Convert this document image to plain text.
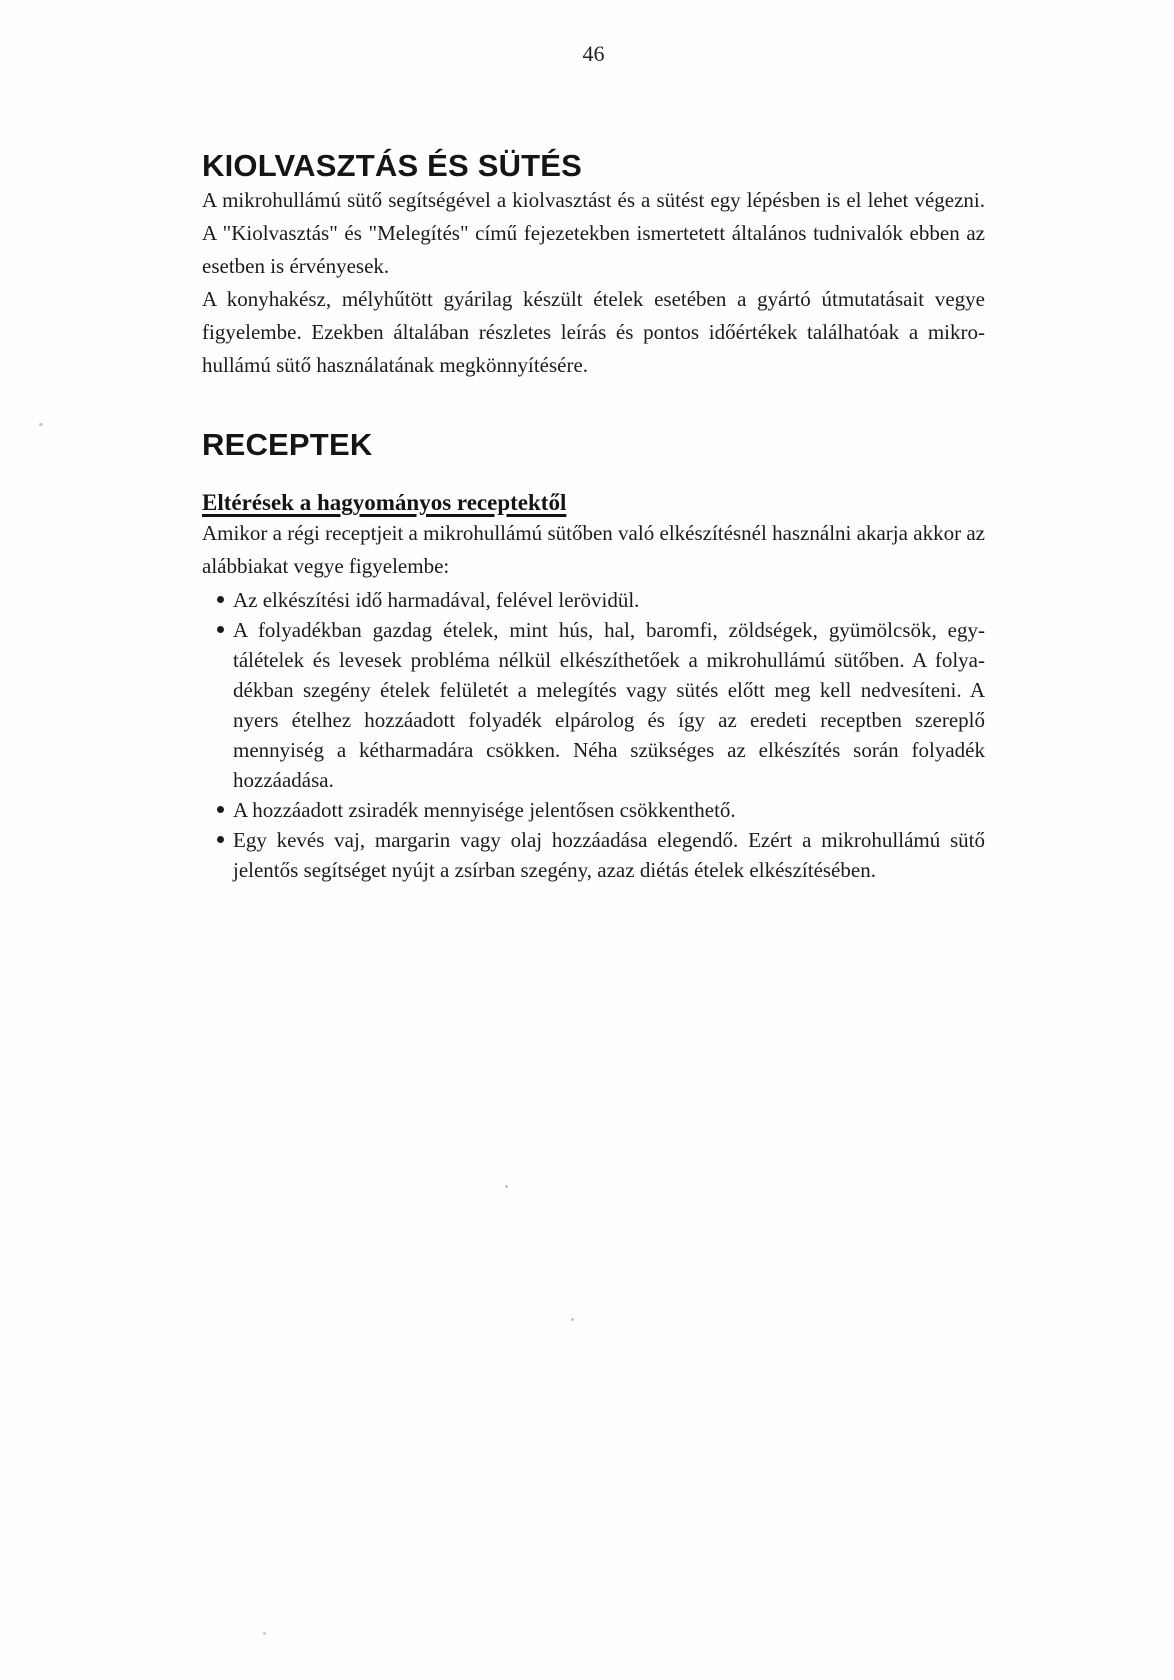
46
KIOLVASZTÁS ÉS SÜTÉS

A mikrohullámú sütő segítségével a kiolvasztást és a sütést egy lépésben is el lehet végezni. A "Kiolvasztás" és "Melegítés" című fejezetekben ismertetett általános tudnivalók ebben az esetben is érvényesek.

A konyhakész, mélyhűtött gyárilag készült ételek esetében a gyártó útmutatásait vegye figyelembe. Ezekben általában részletes leírás és pontos időértékek találhatóak a mikrohullámú sütő használatának megkönnyítésére.

RECEPTEK
Eltérések a hagyományos receptektől

Amikor a régi receptjeit a mikrohullámú sütőben való elkészítésnél használni akarja akkor az alábbiakat vegye figyelembe:

Az elkészítési idő harmadával, felével lerövidül.
A folyadékban gazdag ételek, mint hús, hal, baromfi, zöldségek, gyümölcsök, egytálételek és levesek probléma nélkül elkészíthetőek a mikrohullámú sütőben. A folyadékban szegény ételek felületét a melegítés vagy sütés előtt meg kell nedvesíteni. A nyers ételhez hozzáadott folyadék elpárolog és így az eredeti receptben szereplő mennyiség a kétharmadára csökken. Néha szükséges az elkészítés során folyadék hozzáadása.
A hozzáadott zsiradék mennyisége jelentősen csökkenthető.
Egy kevés vaj, margarin vagy olaj hozzáadása elegendő. Ezért a mikrohullámú sütő jelentős segítséget nyújt a zsírban szegény, azaz diétás ételek elkészítésében.
